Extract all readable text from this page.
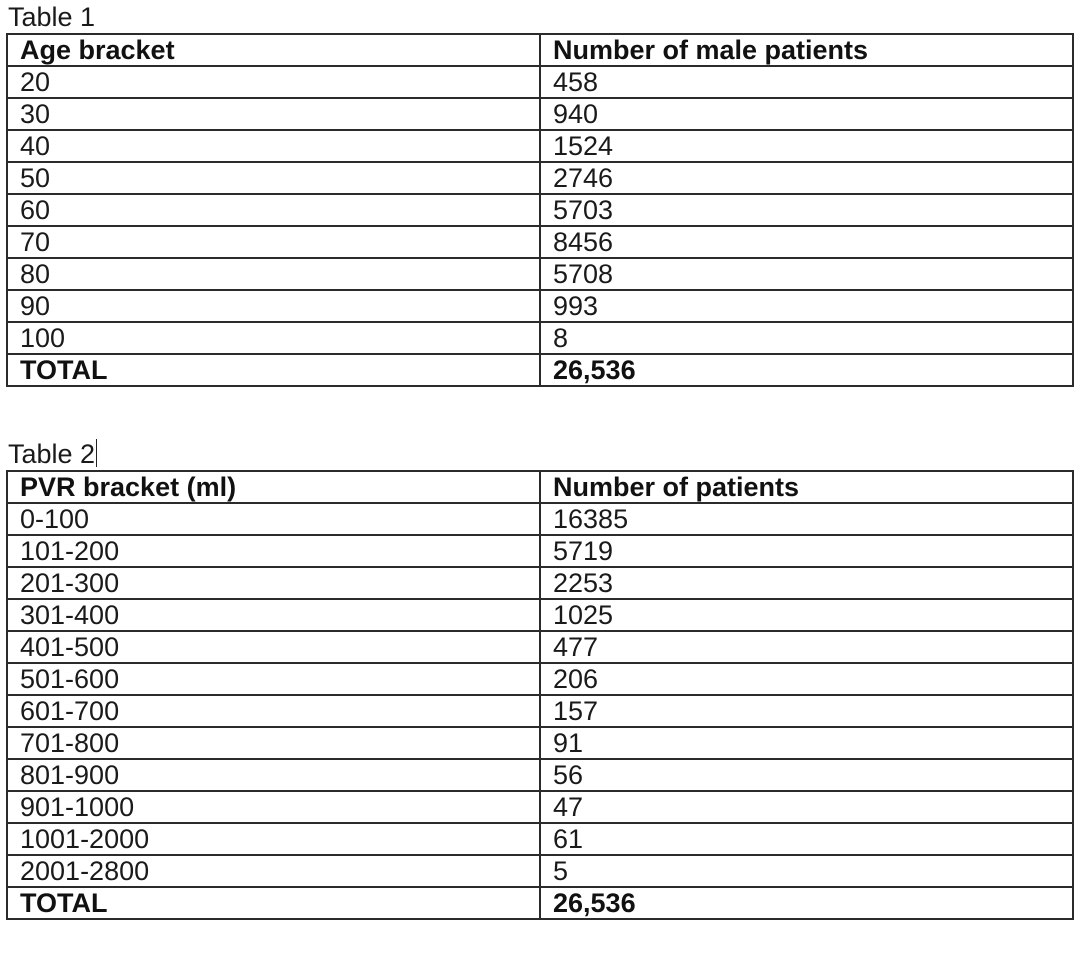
Table 1
Age bracket	Number of male patients
20	458
30	940
40	1524
50	2746
60	5703
70	8456
80	5708
90	993
100	8
TOTAL	26,536
Table 2
PVR bracket (ml)	Number of patients
0-100	16385
101-200	5719
201-300	2253
301-400	1025
401-500	477
501-600	206
601-700	157
701-800	91
801-900	56
901-1000	47
1001-2000	61
2001-2800	5
TOTAL	26,536
